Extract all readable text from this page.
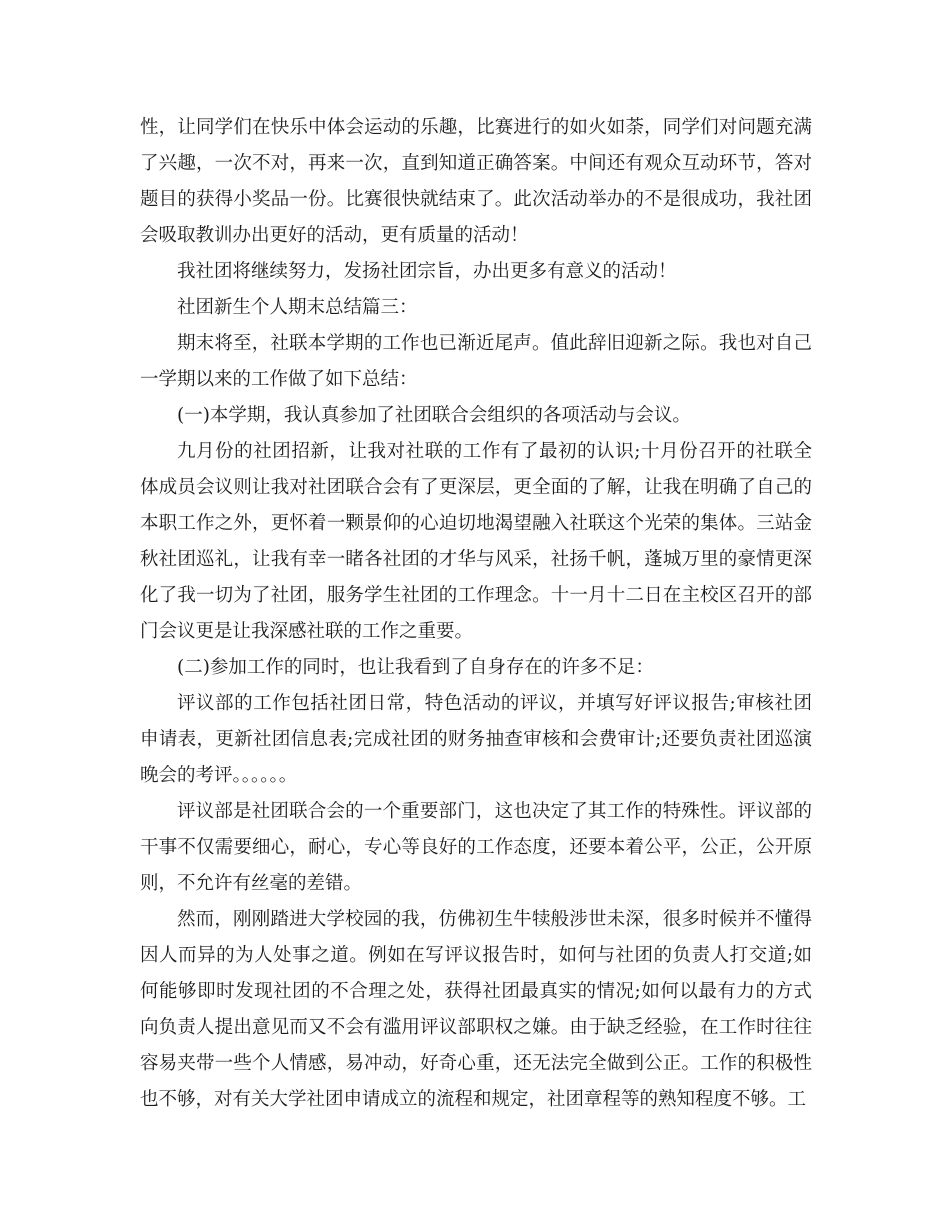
性，让同学们在快乐中体会运动的乐趣，比赛进行的如火如荼，同学们对问题充满了兴趣，一次不对，再来一次，直到知道正确答案。中间还有观众互动环节，答对题目的获得小奖品一份。比赛很快就结束了。此次活动举办的不是很成功，我社团会吸取教训办出更好的活动，更有质量的活动！

我社团将继续努力，发扬社团宗旨，办出更多有意义的活动！

社团新生个人期末总结篇三：

期末将至，社联本学期的工作也已渐近尾声。值此辞旧迎新之际。我也对自己一学期以来的工作做了如下总结：

(一)本学期，我认真参加了社团联合会组织的各项活动与会议。

九月份的社团招新，让我对社联的工作有了最初的认识;十月份召开的社联全体成员会议则让我对社团联合会有了更深层，更全面的了解，让我在明确了自己的本职工作之外，更怀着一颗景仰的心迫切地渴望融入社联这个光荣的集体。三站金秋社团巡礼，让我有幸一睹各社团的才华与风采，社扬千帆，蓬城万里的豪情更深化了我一切为了社团，服务学生社团的工作理念。十一月十二日在主校区召开的部门会议更是让我深感社联的工作之重要。

(二)参加工作的同时，也让我看到了自身存在的许多不足：

评议部的工作包括社团日常，特色活动的评议，并填写好评议报告;审核社团申请表，更新社团信息表;完成社团的财务抽查审核和会费审计;还要负责社团巡演晚会的考评。。。。。。

评议部是社团联合会的一个重要部门，这也决定了其工作的特殊性。评议部的干事不仅需要细心，耐心，专心等良好的工作态度，还要本着公平，公正，公开原则，不允许有丝毫的差错。

然而，刚刚踏进大学校园的我，仿佛初生牛犊般涉世未深，很多时候并不懂得因人而异的为人处事之道。例如在写评议报告时，如何与社团的负责人打交道;如何能够即时发现社团的不合理之处，获得社团最真实的情况;如何以最有力的方式向负责人提出意见而又不会有滥用评议部职权之嫌。由于缺乏经验，在工作时往往容易夹带一些个人情感，易冲动，好奇心重，还无法完全做到公正。工作的积极性也不够，对有关大学社团申请成立的流程和规定，社团章程等的熟知程度不够。工
